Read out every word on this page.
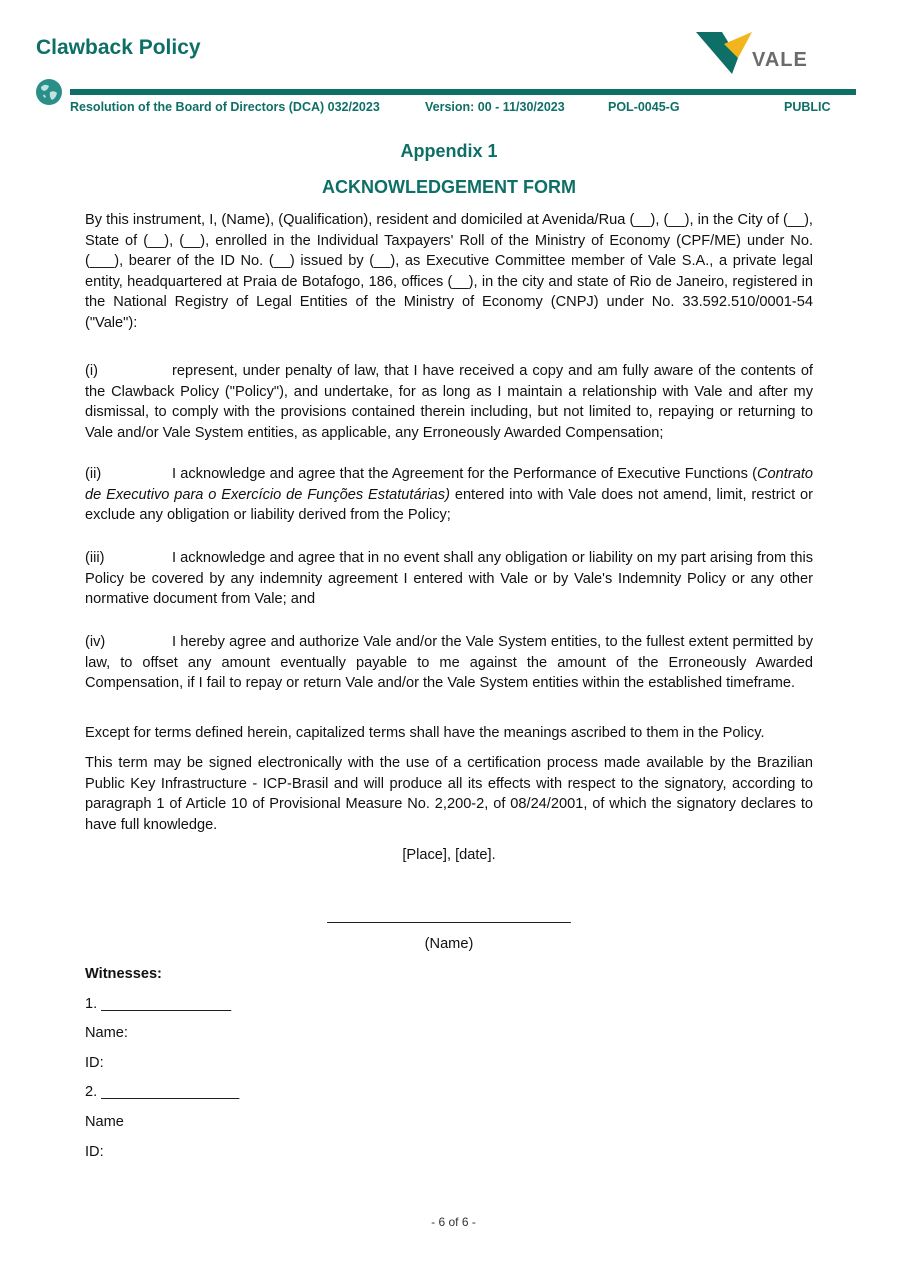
Clawback Policy
VALE
Resolution of the Board of Directors (DCA) 032/2023	Version: 00 - 11/30/2023	POL-0045-G	PUBLIC
Appendix 1
ACKNOWLEDGEMENT FORM

By this instrument, I, (Name), (Qualification), resident and domiciled at Avenida/Rua (__), (__), in the City of (__), State of (__), (__), enrolled in the Individual Taxpayers' Roll of the Ministry of Economy (CPF/ME) under No. (___), bearer of the ID No. (__) issued by (__), as Executive Committee member of Vale S.A., a private legal entity, headquartered at Praia de Botafogo, 186, offices (__), in the city and state of Rio de Janeiro, registered in the National Registry of Legal Entities of the Ministry of Economy (CNPJ) under No. 33.592.510/0001-54 ("Vale"):

(i)	represent, under penalty of law, that I have received a copy and am fully aware of the contents of the Clawback Policy ("Policy"), and undertake, for as long as I maintain a relationship with Vale and after my dismissal, to comply with the provisions contained therein including, but not limited to, repaying or returning to Vale and/or Vale System entities, as applicable, any Erroneously Awarded Compensation;

(ii)	I acknowledge and agree that the Agreement for the Performance of Executive Functions (Contrato de Executivo para o Exercício de Funções Estatutárias) entered into with Vale does not amend, limit, restrict or exclude any obligation or liability derived from the Policy;

(iii)	I acknowledge and agree that in no event shall any obligation or liability on my part arising from this Policy be covered by any indemnity agreement I entered with Vale or by Vale's Indemnity Policy or any other normative document from Vale; and

(iv)	I hereby agree and authorize Vale and/or the Vale System entities, to the fullest extent permitted by law, to offset any amount eventually payable to me against the amount of the Erroneously Awarded Compensation, if I fail to repay or return Vale and/or the Vale System entities within the established timeframe.

Except for terms defined herein, capitalized terms shall have the meanings ascribed to them in the Policy.

This term may be signed electronically with the use of a certification process made available by the Brazilian Public Key Infrastructure - ICP-Brasil and will produce all its effects with respect to the signatory, according to paragraph 1 of Article 10 of Provisional Measure No. 2,200-2, of 08/24/2001, of which the signatory declares to have full knowledge.

[Place], [date].

______________________________

(Name)

Witnesses:

1. ________________

Name:

ID:

2. _________________

Name

ID:

- 6 of 6 -
